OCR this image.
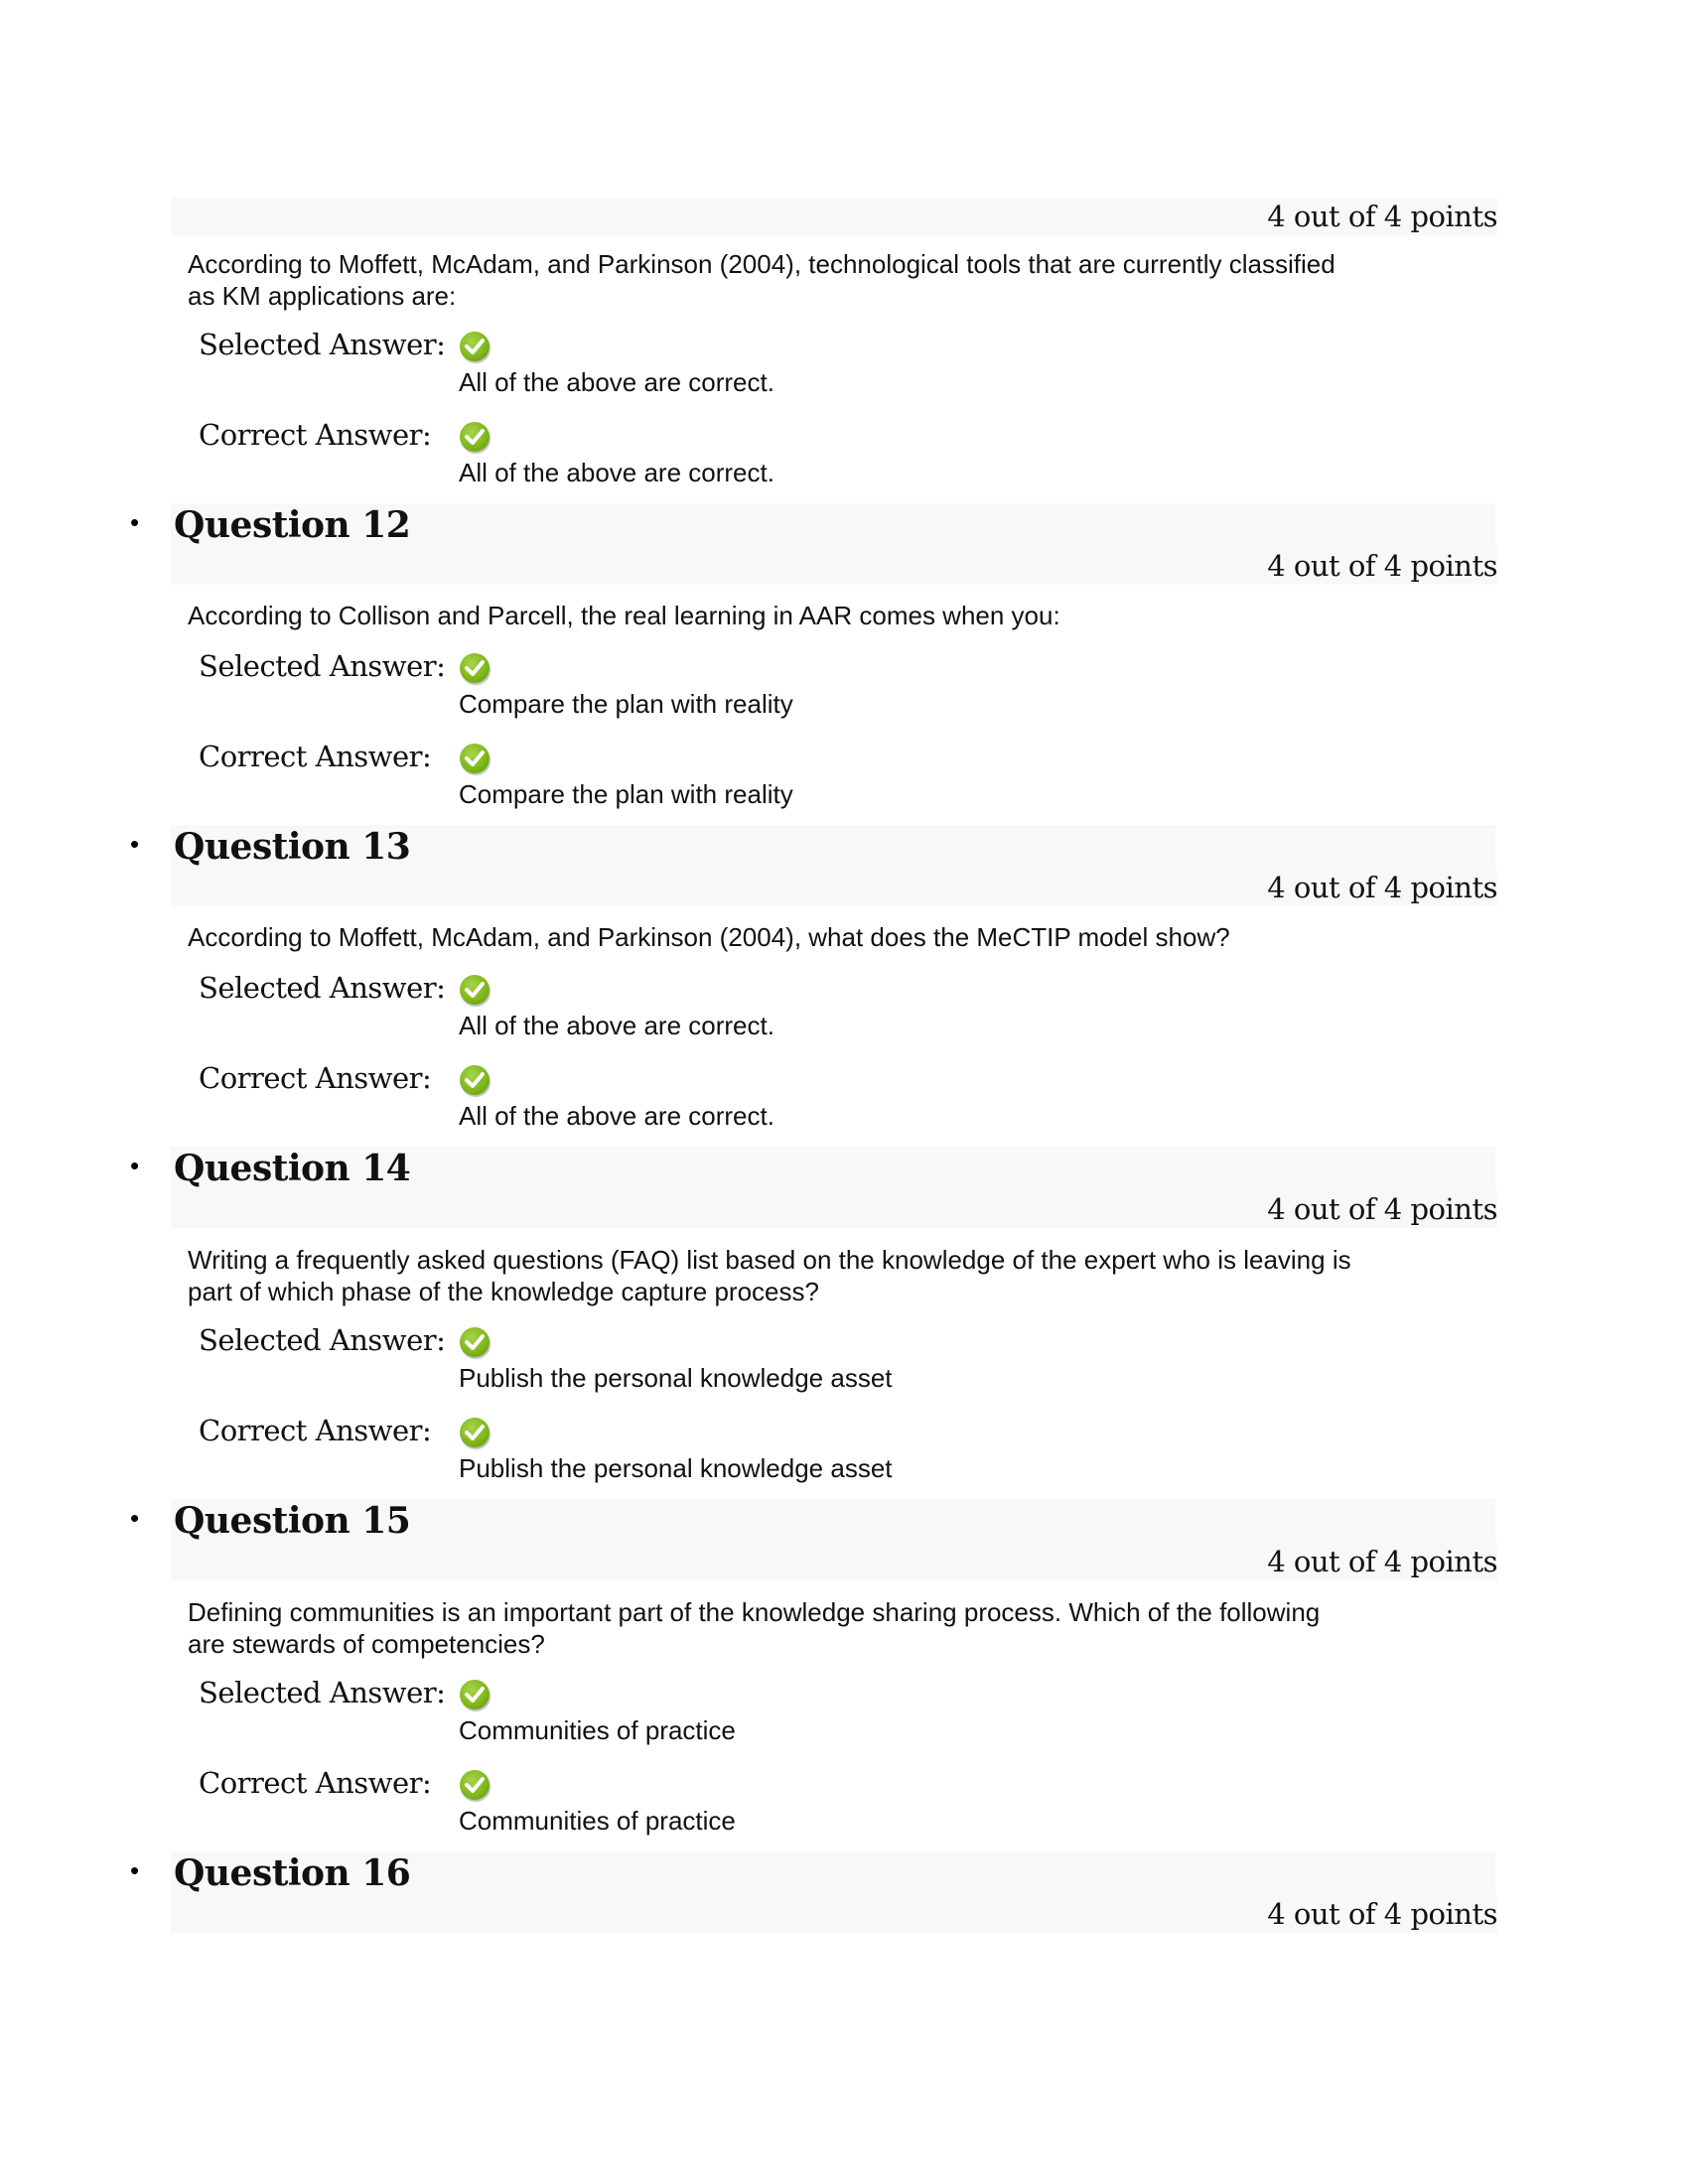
4 out of 4 points
According to Moffett, McAdam, and Parkinson (2004), technological tools that are currently classified
as KM applications are:
Selected Answer:
All of the above are correct.
Correct Answer:
All of the above are correct.
• Question 12
4 out of 4 points
According to Collison and Parcell, the real learning in AAR comes when you:
Selected Answer:
Compare the plan with reality
Correct Answer:
Compare the plan with reality
• Question 13
4 out of 4 points
According to Moffett, McAdam, and Parkinson (2004), what does the MeCTIP model show?
Selected Answer:
All of the above are correct.
Correct Answer:
All of the above are correct.
• Question 14
4 out of 4 points
Writing a frequently asked questions (FAQ) list based on the knowledge of the expert who is leaving is
part of which phase of the knowledge capture process?
Selected Answer:
Publish the personal knowledge asset
Correct Answer:
Publish the personal knowledge asset
• Question 15
4 out of 4 points
Defining communities is an important part of the knowledge sharing process. Which of the following
are stewards of competencies?
Selected Answer:
Communities of practice
Correct Answer:
Communities of practice
• Question 16
4 out of 4 points
